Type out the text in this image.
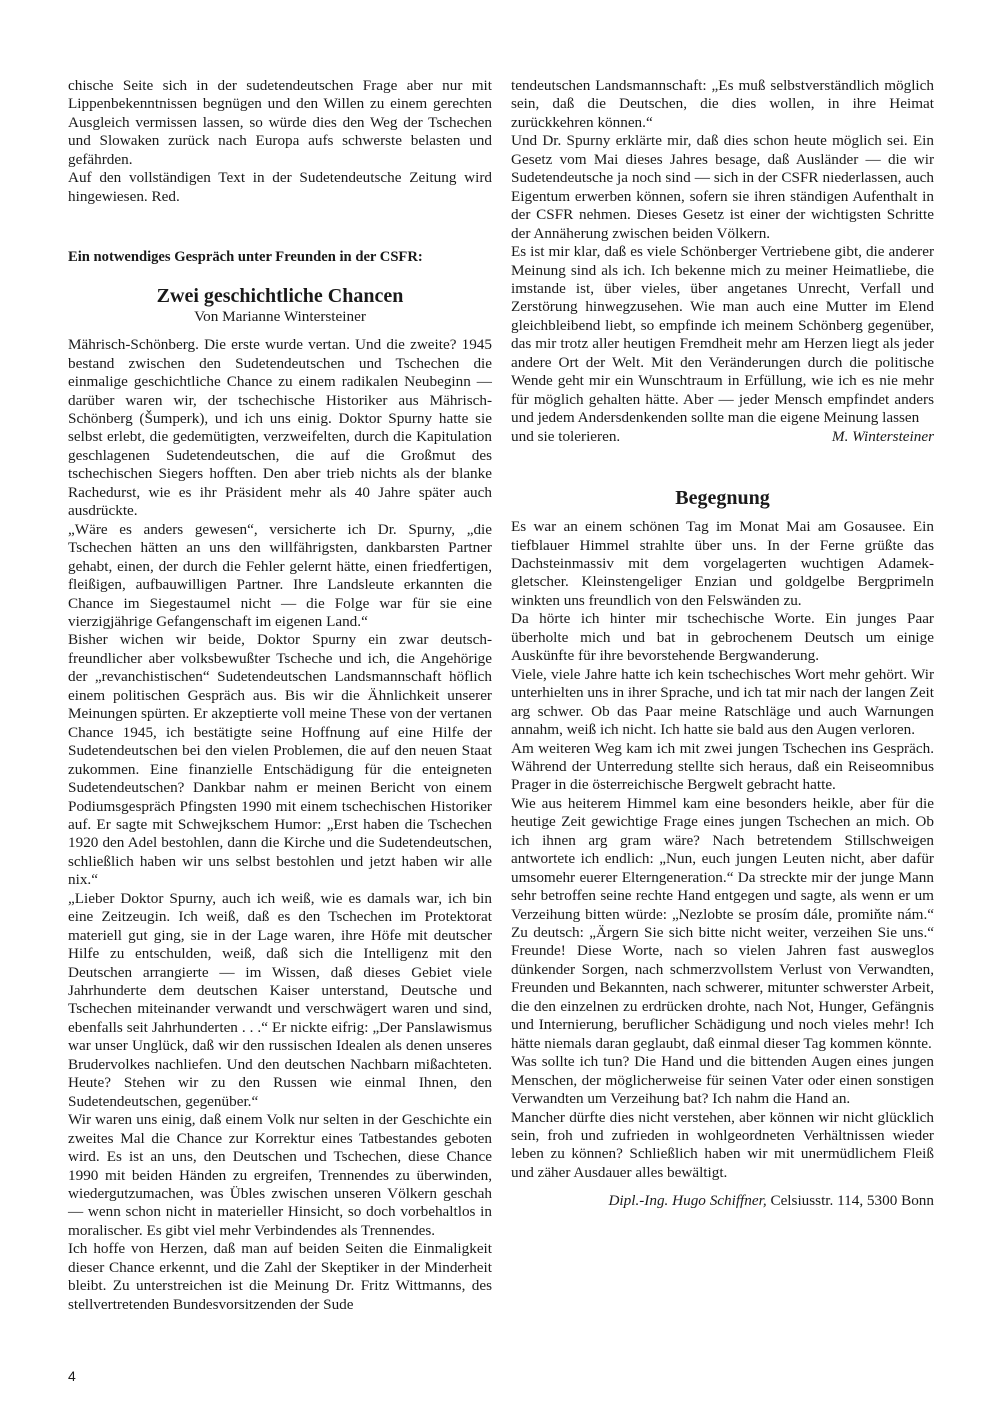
chische Seite sich in der sudetendeutschen Frage aber nur mit Lippenbekenntnissen begnügen und den Willen zu einem gerechten Ausgleich vermissen lassen, so würde dies den Weg der Tschechen und Slowaken zurück nach Europa aufs schwerste belasten und gefährden.

Auf den vollständigen Text in der Sudetendeutsche Zeitung wird hingewiesen. Red.

Ein notwendiges Gespräch unter Freunden in der CSFR:

Zwei geschichtliche Chancen

Von Marianne Wintersteiner

Mährisch-Schönberg. Die erste wurde vertan. Und die zweite? 1945 bestand zwischen den Sudetendeutschen und Tschechen die einmalige geschichtliche Chance zu einem radikalen Neubeginn — darüber waren wir, der tschechische Historiker aus Mährisch-Schönberg (Šumperk), und ich uns einig. Doktor Spurny hatte sie selbst erlebt, die gedemütigten, verzweifelten, durch die Kapitulation geschlagenen Sudetendeutschen, die auf die Großmut des tschechischen Siegers hofften. Den aber trieb nichts als der blanke Rachedurst, wie es ihr Präsident mehr als 40 Jahre später auch ausdrückte.

„Wäre es anders gewesen“, versicherte ich Dr. Spurny, „die Tschechen hätten an uns den willfährigsten, dankbarsten Partner gehabt, einen, der durch die Fehler gelernt hätte, einen friedfertigen, fleißigen, aufbauwilligen Partner. Ihre Landsleute erkannten die Chance im Siegestaumel nicht — die Folge war für sie eine vierzigjährige Gefangenschaft im eigenen Land.“

Bisher wichen wir beide, Doktor Spurny ein zwar deutschfreundlicher aber volksbewußter Tscheche und ich, die Angehörige der „revanchistischen“ Sudetendeutschen Landsmannschaft höflich einem politischen Gespräch aus. Bis wir die Ähnlichkeit unserer Meinungen spürten. Er akzeptierte voll meine These von der vertanen Chance 1945, ich bestätigte seine Hoffnung auf eine Hilfe der Sudetendeutschen bei den vielen Problemen, die auf den neuen Staat zukommen. Eine finanzielle Entschädigung für die enteigneten Sudetendeutschen? Dankbar nahm er meinen Bericht von einem Podiumsgespräch Pfingsten 1990 mit einem tschechischen Historiker auf. Er sagte mit Schwejkschem Humor: „Erst haben die Tschechen 1920 den Adel bestohlen, dann die Kirche und die Sudetendeutschen, schließlich haben wir uns selbst bestohlen und jetzt haben wir alle nix.“

„Lieber Doktor Spurny, auch ich weiß, wie es damals war, ich bin eine Zeitzeugin. Ich weiß, daß es den Tschechen im Protektorat materiell gut ging, sie in der Lage waren, ihre Höfe mit deutscher Hilfe zu entschulden, weiß, daß sich die Intelligenz mit den Deutschen arrangierte — im Wissen, daß dieses Gebiet viele Jahrhunderte dem deutschen Kaiser unterstand, Deutsche und Tschechen miteinander verwandt und verschwägert waren und sind, ebenfalls seit Jahrhunderten . . .“ Er nickte eifrig: „Der Panslawismus war unser Unglück, daß wir den russischen Idealen als denen unseres Brudervolkes nachliefen. Und den deutschen Nachbarn mißachteten. Heute? Stehen wir zu den Russen wie einmal Ihnen, den Sudetendeutschen, gegenüber.“

Wir waren uns einig, daß einem Volk nur selten in der Geschichte ein zweites Mal die Chance zur Korrektur eines Tatbestandes geboten wird. Es ist an uns, den Deutschen und Tschechen, diese Chance 1990 mit beiden Händen zu ergreifen, Trennendes zu überwinden, wiedergutzumachen, was Übles zwischen unseren Völkern geschah — wenn schon nicht in materieller Hinsicht, so doch vorbehaltlos in moralischer. Es gibt viel mehr Verbindendes als Trennendes.

Ich hoffe von Herzen, daß man auf beiden Seiten die Einmaligkeit dieser Chance erkennt, und die Zahl der Skeptiker in der Minderheit bleibt. Zu unterstreichen ist die Meinung Dr. Fritz Wittmanns, des stellvertretenden Bundesvorsitzenden der Sude

tendeutschen Landsmannschaft: „Es muß selbstverständlich möglich sein, daß die Deutschen, die dies wollen, in ihre Heimat zurückkehren können.“

Und Dr. Spurny erklärte mir, daß dies schon heute möglich sei. Ein Gesetz vom Mai dieses Jahres besage, daß Ausländer — die wir Sudetendeutsche ja noch sind — sich in der CSFR niederlassen, auch Eigentum erwerben können, sofern sie ihren ständigen Aufenthalt in der CSFR nehmen. Dieses Gesetz ist einer der wichtigsten Schritte der Annäherung zwischen beiden Völkern.

Es ist mir klar, daß es viele Schönberger Vertriebene gibt, die anderer Meinung sind als ich. Ich bekenne mich zu meiner Heimatliebe, die imstande ist, über vieles, über angetanes Unrecht, Verfall und Zerstörung hinwegzusehen. Wie man auch eine Mutter im Elend gleichbleibend liebt, so empfinde ich meinem Schönberg gegenüber, das mir trotz aller heutigen Fremdheit mehr am Herzen liegt als jeder andere Ort der Welt. Mit den Veränderungen durch die politische Wende geht mir ein Wunschtraum in Erfüllung, wie ich es nie mehr für möglich gehalten hätte. Aber — jeder Mensch empfindet anders und jedem Andersdenkenden sollte man die eigene Meinung lassen

und sie tolerieren.	M. Wintersteiner
Begegnung

Es war an einem schönen Tag im Monat Mai am Gosausee. Ein tiefblauer Himmel strahlte über uns. In der Ferne grüßte das Dachsteinmassiv mit dem vorgelagerten wuchtigen Adamekgletscher. Kleinstengeliger Enzian und goldgelbe Bergprimeln winkten uns freundlich von den Felswänden zu.

Da hörte ich hinter mir tschechische Worte. Ein junges Paar überholte mich und bat in gebrochenem Deutsch um einige Auskünfte für ihre bevorstehende Bergwanderung.

Viele, viele Jahre hatte ich kein tschechisches Wort mehr gehört. Wir unterhielten uns in ihrer Sprache, und ich tat mir nach der langen Zeit arg schwer. Ob das Paar meine Ratschläge und auch Warnungen annahm, weiß ich nicht. Ich hatte sie bald aus den Augen verloren.

Am weiteren Weg kam ich mit zwei jungen Tschechen ins Gespräch. Während der Unterredung stellte sich heraus, daß ein Reiseomnibus Prager in die österreichische Bergwelt gebracht hatte.

Wie aus heiterem Himmel kam eine besonders heikle, aber für die heutige Zeit gewichtige Frage eines jungen Tschechen an mich. Ob ich ihnen arg gram wäre? Nach betretendem Stillschweigen antwortete ich endlich: „Nun, euch jungen Leuten nicht, aber dafür umsomehr euerer Elterngeneration.“ Da streckte mir der junge Mann sehr betroffen seine rechte Hand entgegen und sagte, als wenn er um Verzeihung bitten würde: „Nezlobte se prosím dále, promiňte nám.“ Zu deutsch: „Ärgern Sie sich bitte nicht weiter, verzeihen Sie uns.“ Freunde! Diese Worte, nach so vielen Jahren fast ausweglos dünkender Sorgen, nach schmerzvollstem Verlust von Verwandten, Freunden und Bekannten, nach schwerer, mitunter schwerster Arbeit, die den einzelnen zu erdrücken drohte, nach Not, Hunger, Gefängnis und Internierung, beruflicher Schädigung und noch vieles mehr! Ich hätte niemals daran geglaubt, daß einmal dieser Tag kommen könnte.

Was sollte ich tun? Die Hand und die bittenden Augen eines jungen Menschen, der möglicherweise für seinen Vater oder einen sonstigen Verwandten um Verzeihung bat? Ich nahm die Hand an.

Mancher dürfte dies nicht verstehen, aber können wir nicht glücklich sein, froh und zufrieden in wohlgeordneten Verhältnissen wieder leben zu können? Schließlich haben wir mit unermüdlichem Fleiß und zäher Ausdauer alles bewältigt.

Dipl.-Ing. Hugo Schiffner, Celsiusstr. 114, 5300 Bonn

4
